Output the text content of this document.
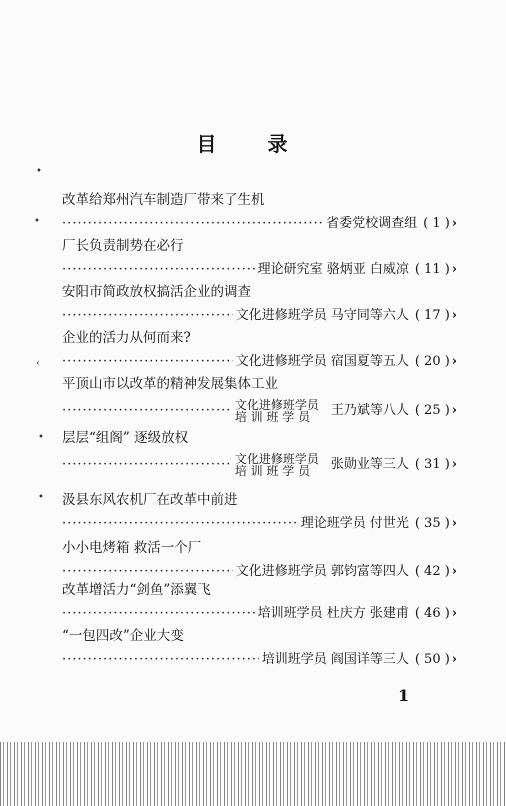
目 录
改革给郑州汽车制造厂带来了生机
·····
省委党校调查组 ( 1 ) ›
厂长负责制势在必行
·····
理论研究室 骆炳亚 白威凉 ( 11 ) ›
安阳市简政放权搞活企业的调查
·····
文化进修班学员 马守同等六人 ( 17 ) ›
企业的活力从何而来?
·····
文化进修班学员 宿国夏等五人 ( 20 ) ›
平顶山市以改革的精神发展集体工业
·····
文化进修班学员
培 训 班 学 员	王乃斌等八人 ( 25 ) ›
层层“组阁” 逐级放权
·····
文化进修班学员
培 训 班 学 员	张勋业等三人 ( 31 ) ›
汲县东风农机厂在改革中前进
·····
理论班学员 付世光 ( 35 ) ›
小小电烤箱 救活一个厂
·····
文化进修班学员 郭钧富等四人 ( 42 ) ›
改革增活力“剑鱼”添翼飞
·····
培训班学员 杜庆方 张建甫 ( 46 ) ›
“一包四改”企业大变
·····
培训班学员 阎国详等三人 ( 50 ) ›
1
•
•
‹
•
•
